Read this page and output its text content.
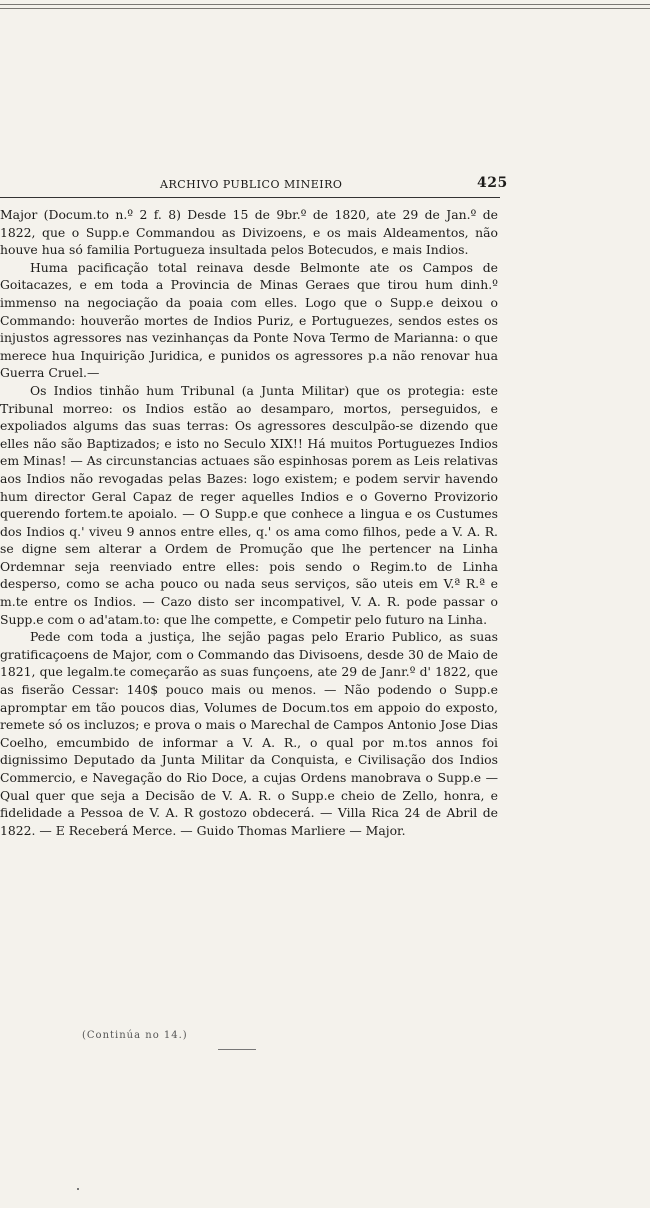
ARCHIVO PUBLICO MINEIRO	425

Major (Docum.to n.º 2 f. 8) Desde 15 de 9br.º de 1820, ate 29 de Jan.º de 1822, que o Supp.e Commandou as Divizoens, e os mais Aldeamentos, não houve hua só familia Portugueza insultada pelos Botecudos, e mais Indios.

Huma pacificação total reinava desde Belmonte ate os Campos de Goitacazes, e em toda a Provincia de Minas Geraes que tirou hum dinh.º immenso na negociação da poaia com elles. Logo que o Supp.e deixou o Commando: houverão mortes de Indios Puriz, e Portuguezes, sendos estes os injustos agressores nas vezinhanças da Ponte Nova Termo de Marianna: o que merece hua Inquirição Juridica, e punidos os agressores p.a não renovar hua Guerra Cruel.—

Os Indios tinhão hum Tribunal (a Junta Militar) que os protegia: este Tribunal morreo: os Indios estão ao desamparo, mortos, perseguidos, e expoliados algums das suas terras: Os agressores desculpão-se dizendo que elles não são Baptizados; e isto no Seculo XIX!! Há muitos Portuguezes Indios em Minas! — As circunstancias actuaes são espinhosas porem as Leis relativas aos Indios não revogadas pelas Bazes: logo existem; e podem servir havendo hum director Geral Capaz de reger aquelles Indios e o Governo Provizorio querendo fortem.te apoialo. — O Supp.e que conhece a lingua e os Custumes dos Indios q.' viveu 9 annos entre elles, q.' os ama como filhos, pede a V. A. R. se digne sem alterar a Ordem de Promução que lhe pertencer na Linha Ordemnar seja reenviado entre elles: pois sendo o Regim.to de Linha desperso, como se acha pouco ou nada seus serviços, são uteis em V.ª R.ª e m.te entre os Indios. — Cazo disto ser incompativel, V. A. R. pode passar o Supp.e com o ad'atam.to: que lhe compette, e Competir pelo futuro na Linha.

Pede com toda a justiça, lhe sejão pagas pelo Erario Publico, as suas gratificaçoens de Major, com o Commando das Divisoens, desde 30 de Maio de 1821, que legalm.te começarão as suas funçoens, ate 29 de Janr.º d' 1822, que as fiserão Cessar: 140$ pouco mais ou menos. — Não podendo o Supp.e apromptar em tão poucos dias, Volumes de Docum.tos em appoio do exposto, remete só os incluzos; e prova o mais o Marechal de Campos Antonio Jose Dias Coelho, emcumbido de informar a V. A. R., o qual por m.tos annos foi dignissimo Deputado da Junta Militar da Conquista, e Civilisação dos Indios Commercio, e Navegação do Rio Doce, a cujas Ordens manobrava o Supp.e — Qual quer que seja a Decisão de V. A. R. o Supp.e cheio de Zello, honra, e fidelidade a Pessoa de V. A. R gostozo obdecerá. — Villa Rica 24 de Abril de 1822. — E Receberá Merce. — Guido Thomas Marliere — Major.

(Continúa no 14.)
